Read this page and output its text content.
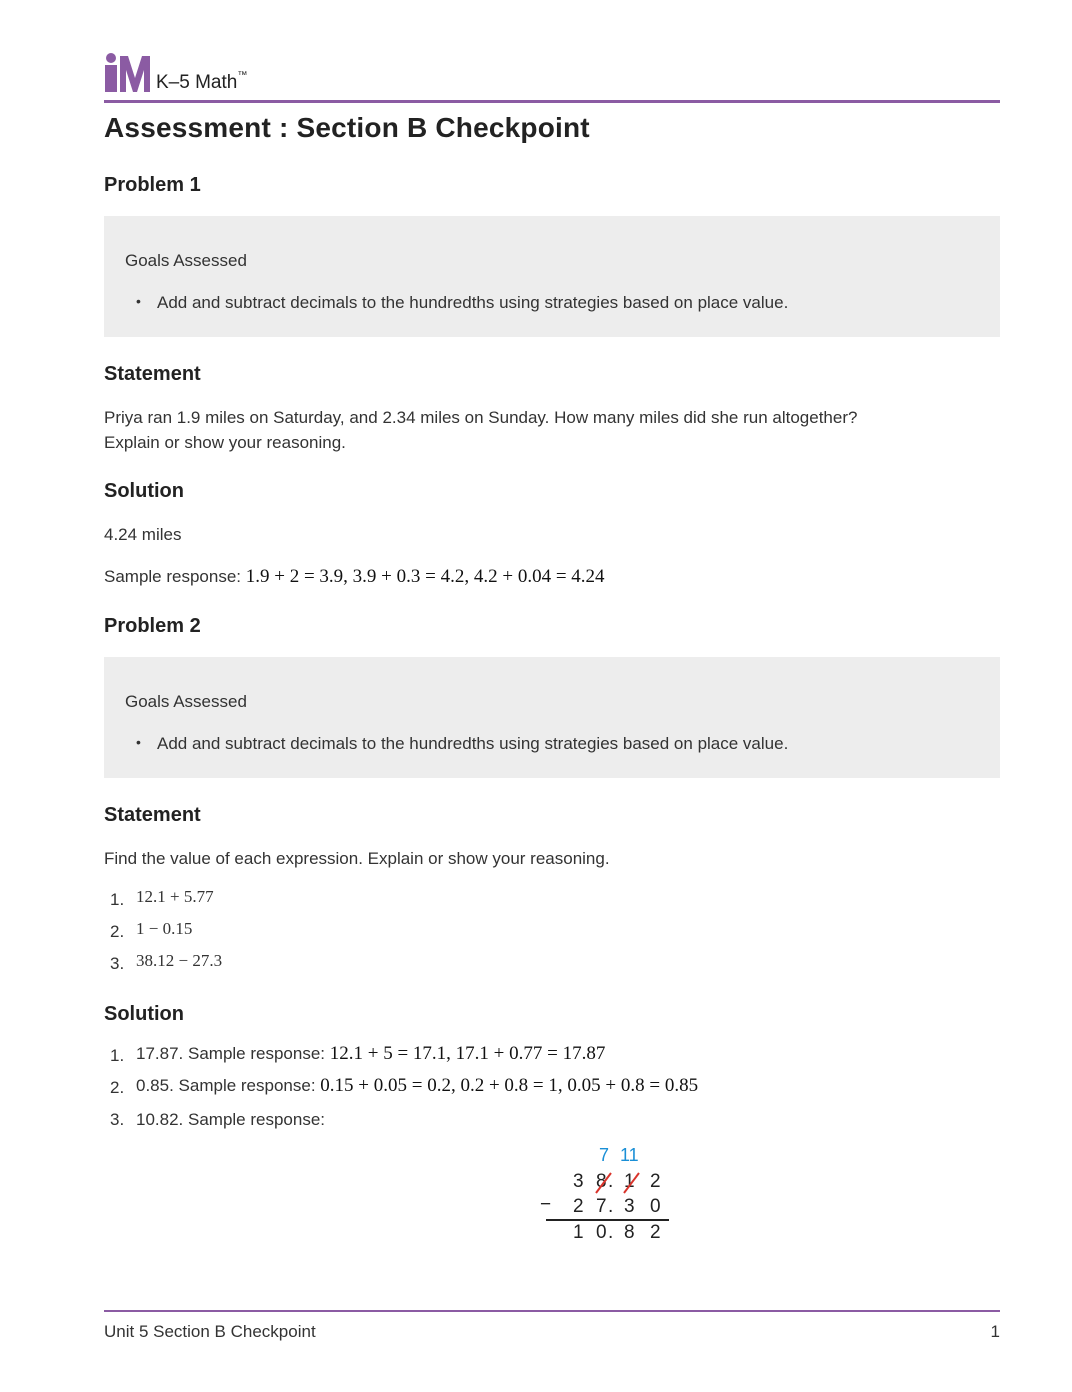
K–5 Math™
Assessment : Section B Checkpoint
Problem 1
Goals Assessed
• Add and subtract decimals to the hundredths using strategies based on place value.
Statement
Priya ran 1.9 miles on Saturday, and 2.34 miles on Sunday. How many miles did she run altogether?
Explain or show your reasoning.
Solution
4.24 miles
Sample response: 1.9 + 2 = 3.9, 3.9 + 0.3 = 4.2, 4.2 + 0.04 = 4.24
Problem 2
Goals Assessed
• Add and subtract decimals to the hundredths using strategies based on place value.
Statement
Find the value of each expression. Explain or show your reasoning.
1. 12.1 + 5.77
2. 1 − 0.15
3. 38.12 − 27.3
Solution
1. 17.87. Sample response: 12.1 + 5 = 17.1, 17.1 + 0.77 = 17.87
2. 0.85. Sample response: 0.15 + 0.05 = 0.2, 0.2 + 0.8 = 1, 0.05 + 0.8 = 0.85
3. 10.82. Sample response:
7 11
3 8 . 1 2
− 2 7 . 3 0
1 0 . 8 2
Unit 5 Section B Checkpoint	1
